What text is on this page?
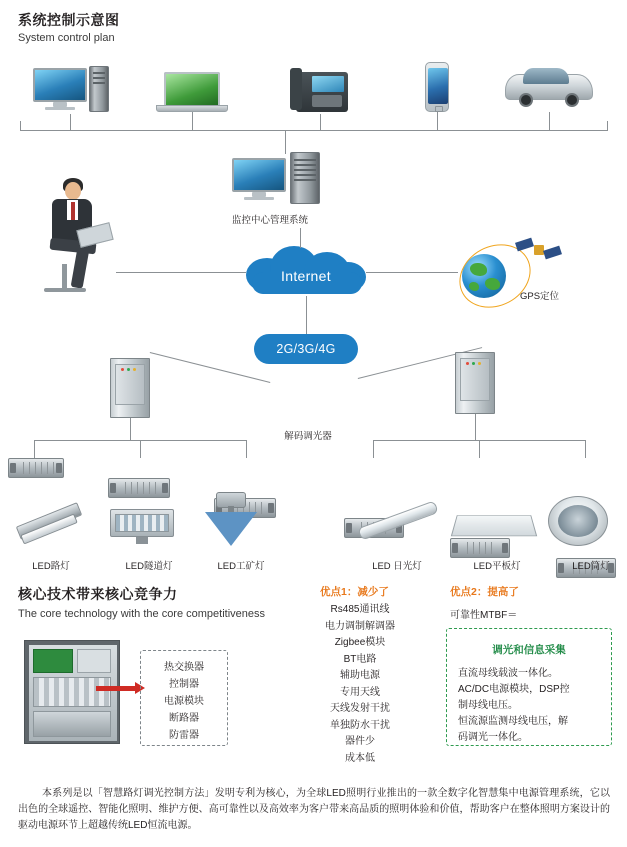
系统控制示意图
System control plan
监控中心管理系统
Internet
GPS定位
2G/3G/4G
解码调光器
LED路灯	LED隧道灯	LED工矿灯	LED 日光灯	LED平板灯	LED筒灯
核心技术带来核心竞争力
The core technology with the core competitiveness
热交换器
控制器
电源模块
断路器
防雷器
优点1：减少了
Rs485通讯线
电力调制解调器
Zigbee模块
BT电路
辅助电源
专用天线
天线发射干扰
单独防水干扰
器件少
成本低
优点2：提高了
可靠性MTBF＝
调光和信息采集
直流母线载波一体化。
AC/DC电源模块，DSP控
制母线电压。
恒流源监测母线电压，解
码调光一体化。
本系列是以「智慧路灯调光控制方法」发明专利为核心，为全球LED照明行业推出的一款全数字化智慧集中电源管理系统，它以出色的全球遥控、智能化照明、维护方便、高可靠性以及高效率为客户带来高品质的照明体验和价值，帮助客户在整体照明方案设计的驱动电源环节上超越传统LED恒流电源。
